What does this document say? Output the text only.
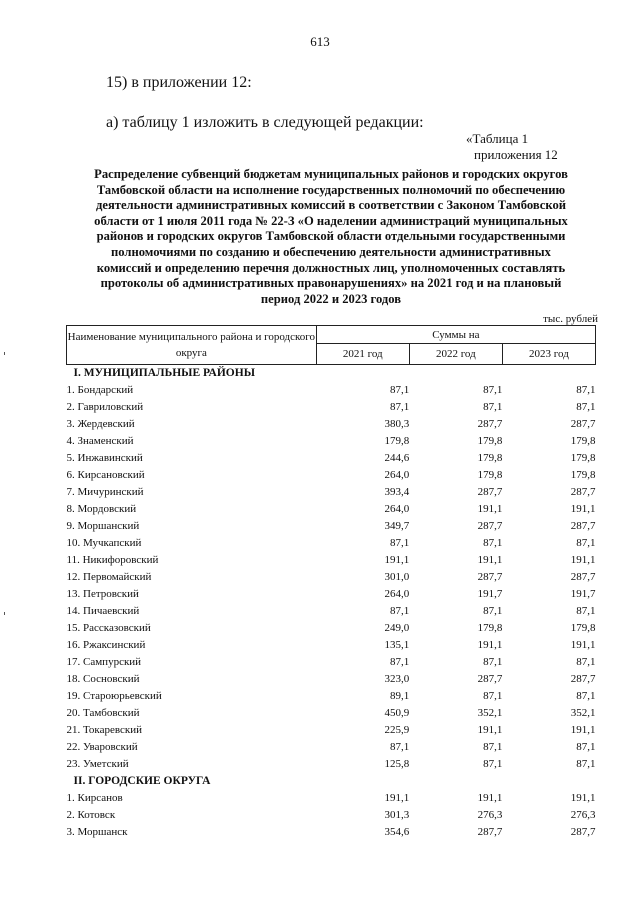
613
15) в приложении 12:
а) таблицу 1 изложить в следующей редакции:
«Таблица 1
приложения 12
Распределение субвенций бюджетам муниципальных районов и городских округов
Тамбовской области на исполнение государственных полномочий по обеспечению
деятельности административных комиссий в соответствии с Законом Тамбовской
области от 1 июля 2011 года № 22-З «О наделении администраций муниципальных
районов и городских округов Тамбовской области отдельными государственными
полномочиями по созданию и обеспечению деятельности административных
комиссий и определению перечня должностных лиц, уполномоченных составлять
протоколы об административных правонарушениях» на 2021 год и на плановый
период 2022 и 2023 годов
тыс. рублей
Наименование муниципального района и городского округа	Суммы на		
	2021 год	2022 год	2023 год
I. МУНИЦИПАЛЬНЫЕ РАЙОНЫ			
1. Бондарский	87,1	87,1	87,1
2. Гавриловский	87,1	87,1	87,1
3. Жердевский	380,3	287,7	287,7
4. Знаменский	179,8	179,8	179,8
5. Инжавинский	244,6	179,8	179,8
6. Кирсановский	264,0	179,8	179,8
7. Мичуринский	393,4	287,7	287,7
8. Мордовский	264,0	191,1	191,1
9. Моршанский	349,7	287,7	287,7
10. Мучкапский	87,1	87,1	87,1
11. Никифоровский	191,1	191,1	191,1
12. Первомайский	301,0	287,7	287,7
13. Петровский	264,0	191,7	191,7
14. Пичаевский	87,1	87,1	87,1
15. Рассказовский	249,0	179,8	179,8
16. Ржаксинский	135,1	191,1	191,1
17. Сампурский	87,1	87,1	87,1
18. Сосновский	323,0	287,7	287,7
19. Староюрьевский	89,1	87,1	87,1
20. Тамбовский	450,9	352,1	352,1
21. Токаревский	225,9	191,1	191,1
22. Уваровский	87,1	87,1	87,1
23. Уметский	125,8	87,1	87,1
II. ГОРОДСКИЕ ОКРУГА			
1. Кирсанов	191,1	191,1	191,1
2. Котовск	301,3	276,3	276,3
3. Моршанск	354,6	287,7	287,7
